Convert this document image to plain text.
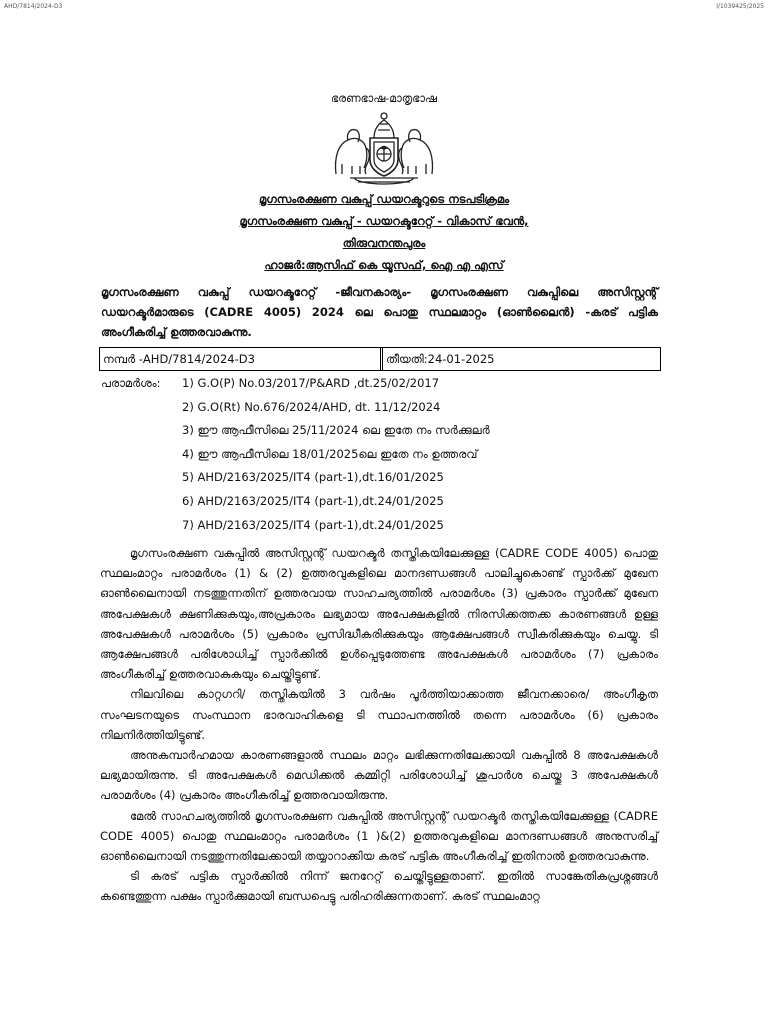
AHD/7814/2024-D3	I/1039425/2025
ഭരണഭാഷ-മാതൃഭാഷ
മൃഗസംരക്ഷണ വകുപ്പ് ഡയറക്ടറുടെ നടപടിക്രമം
മൃഗസംരക്ഷണ വകുപ്പ് - ഡയറക്ടറേറ്റ് - വികാസ് ഭവൻ,
തിരുവനന്തപുരം
ഹാജർ:ആസിഫ് കെ യൂസഫ്, ഐ എ എസ്
മൃഗസംരക്ഷണ വകുപ്പ് ഡയറക്ടറേറ്റ് -ജീവനകാര്യം- മൃഗസംരക്ഷണ വകുപ്പിലെ അസിസ്റ്റന്റ് ഡയറക്ടർമാരുടെ (CADRE 4005) 2024 ലെ പൊതു സ്ഥലമാറ്റം (ഓൺലൈൻ) -കരട് പട്ടിക അംഗീകരിച്ച് ഉത്തരവാകുന്നു.
നമ്പർ -AHD/7814/2024-D3	തീയതി:24-01-2025
പരാമർശം: 1) G.O(P) No.03/2017/P&ARD ,dt.25/02/2017
2) G.O(Rt) No.676/2024/AHD, dt. 11/12/2024
3) ഈ ആഫീസിലെ 25/11/2024 ലെ ഇതേ നം സർക്കുലർ
4) ഈ ആഫീസിലെ 18/01/2025ലെ ഇതേ നം ഉത്തരവ്
5) AHD/2163/2025/IT4 (part-1),dt.16/01/2025
6) AHD/2163/2025/IT4 (part-1),dt.24/01/2025
7) AHD/2163/2025/IT4 (part-1),dt.24/01/2025

മൃഗസംരക്ഷണ വകുപ്പിൽ അസിസ്റ്റന്റ് ഡയറക്ടർ തസ്തികയിലേക്കുള്ള (CADRE CODE 4005) പൊതു സ്ഥലംമാറ്റം പരാമർശം (1) & (2) ഉത്തരവുകളിലെ മാനദണ്ഡങ്ങൾ പാലിച്ചുകൊണ്ട് സ്പാർക്ക് മുഖേന ഓൺലൈനായി നടത്തുന്നതിന് ഉത്തരവായ സാഹചര്യത്തിൽ പരാമർശം (3) പ്രകാരം സ്പാർക്ക് മുഖേന അപേക്ഷകൾ ക്ഷണിക്കുകയും,അപ്രകാരം ലഭ്യമായ അപേക്ഷകളിൽ നിരസിക്കത്തക്ക കാരണങ്ങൾ ഉള്ള അപേക്ഷകൾ പരാമർശം (5) പ്രകാരം പ്രസിദ്ധീകരിക്കുകയും ആക്ഷേപങ്ങൾ സ്വീകരിക്കുകയും ചെയ്യു. ടി ആക്ഷേപങ്ങൾ പരിശോധിച്ച് സ്പാർക്കിൽ ഉൾപ്പെടുത്തേണ്ട അപേക്ഷകൾ പരാമർശം (7) പ്രകാരം അംഗീകരിച്ച് ഉത്തരവാകുകയും ചെയ്തിട്ടുണ്ട്.

നിലവിലെ കാറ്റഗറി/ തസ്തികയിൽ 3 വർഷം പൂർത്തിയാക്കാത്ത ജീവനക്കാരെ/ അംഗീകൃത സംഘടനയുടെ സംസ്ഥാന ഭാരവാഹികളെ ടി സ്ഥാപനത്തിൽ തന്നെ പരാമർശം (6) പ്രകാരം നിലനിർത്തിയിട്ടുണ്ട്.

അനുകമ്പാർഹമായ കാരണങ്ങളാൽ സ്ഥലം മാറ്റം ലഭിക്കുന്നതിലേക്കായി വകുപ്പിൽ 8 അപേക്ഷകൾ ലഭ്യമായിരുന്നു. ടി അപേക്ഷകൾ മെഡിക്കൽ കമ്മിറ്റി പരിശോധിച്ച് ശുപാർശ ചെയ്തു 3 അപേക്ഷകൾ പരാമർശം (4) പ്രകാരം അംഗീകരിച്ച് ഉത്തരവായിരുന്നു.

മേൽ സാഹചര്യത്തിൽ മൃഗസംരക്ഷണ വകുപ്പിൽ അസിസ്റ്റന്റ് ഡയറക്ടർ തസ്തികയിലേക്കുള്ള (CADRE CODE 4005) പൊതു സ്ഥലംമാറ്റം പരാമർശം (1 )&(2) ഉത്തരവുകളിലെ മാനദണ്ഡങ്ങൾ അനുസരിച്ച് ഓൺലൈനായി നടത്തുന്നതിലേക്കായി തയ്യാറാക്കിയ കരട് പട്ടിക അംഗീകരിച്ച് ഇതിനാൽ ഉത്തരവാകുന്നു.

ടി കരട് പട്ടിക സ്പാർക്കിൽ നിന്ന് ജനറേറ്റ് ചെയ്തിട്ടുള്ളതാണ്. ഇതിൽ സാങ്കേതികപ്രശ്നങ്ങൾ കണ്ടെത്തുന്ന പക്ഷം സ്പാർക്കുമായി ബന്ധപെട്ടു പരിഹരിക്കുന്നതാണ്. കരട് സ്ഥലംമാറ്റ
